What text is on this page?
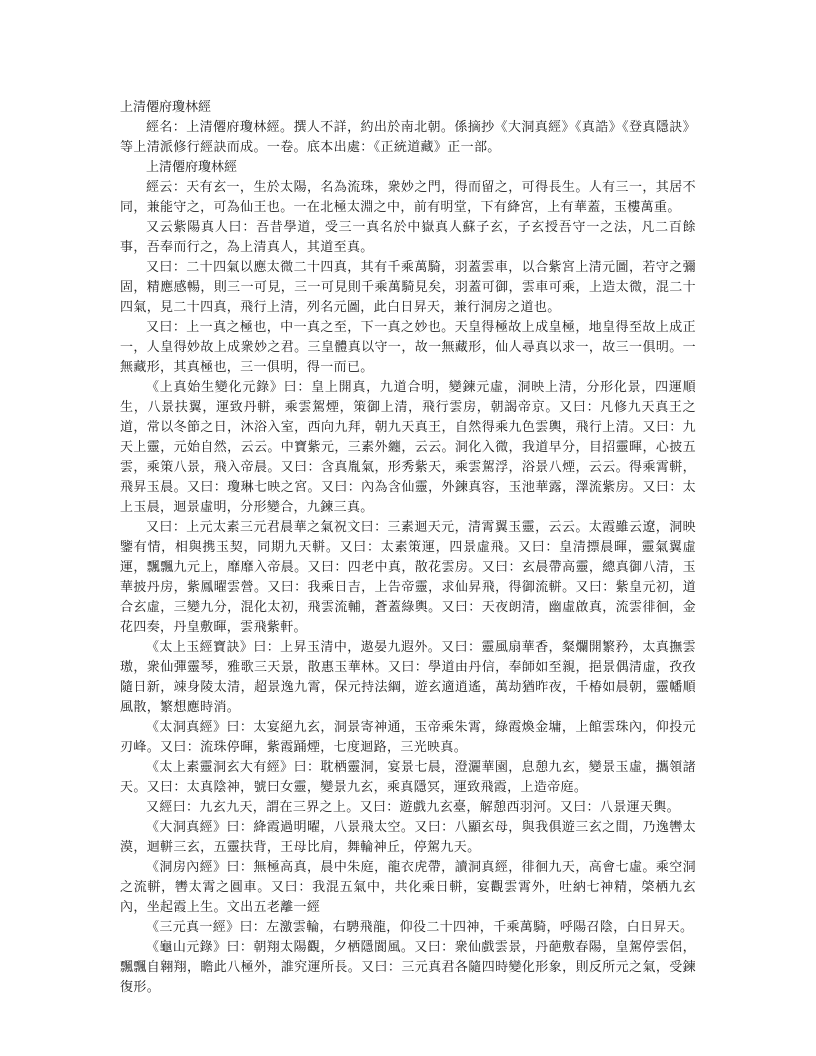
上清僊府瓊林經

經名：上清僊府瓊林經。撰人不詳，約出於南北朝。係摘抄《大洞真經》《真誥》《登真隱訣》等上清派修行經訣而成。一卷。底本出處：《正統道藏》正一部。

上清僊府瓊林經

經云：天有玄一，生於太陽，名為流珠，衆妙之門，得而留之，可得長生。人有三一，其居不同，兼能守之，可為仙王也。一在北極太淵之中，前有明堂，下有絳宮，上有華蓋，玉樓萬重。

又云紫陽真人曰：吾昔學道，受三一真名於中嶽真人蘇子玄，子玄授吾守一之法，凡二百餘事，吾奉而行之，為上清真人，其道至真。

又曰：二十四氣以應太微二十四真，其有千乘萬騎，羽蓋雲車，以合紫宮上清元圖，若守之彌固，精應感暢，則三一可見，三一可見則千乘萬騎見矣，羽蓋可御，雲車可乘，上造太微，混二十四氣，見二十四真，飛行上清，列名元圖，此白日昇天，兼行洞房之道也。

又曰：上一真之極也，中一真之至，下一真之妙也。天皇得極故上成皇極，地皇得至故上成正一，人皇得妙故上成衆妙之君。三皇體真以守一，故一無藏形，仙人尋真以求一，故三一俱明。一無藏形，其真極也，三一俱明，得一而已。

《上真始生變化元錄》曰：皇上開真，九道合明，變鍊元虛，洞映上清，分形化景，四運順生，八景扶翼，運致丹軿，乘雲駕煙，策御上清，飛行雲房，朝謁帝京。又曰：凡修九天真王之道，常以冬節之日，沐浴入室，西向九拜，朝九天真王，自然得乘九色雲輿，飛行上清。又曰：九天上靈，元始自然，云云。中寶紫元，三素外纏，云云。洞化入微，我道早分，目招靈暉，心披五雲，乘策八景，飛入帝晨。又曰：含真胤氣，形秀紫天，乘雲駕浮，浴景八煙，云云。得乘霄軿，飛昇玉晨。又曰：瓊琳七映之宮。又曰：內為含仙靈，外鍊真容，玉池華露，澤流紫房。又曰：太上玉晨，迴景虛明，分形變合，九鍊三真。

又曰：上元太素三元君晨華之氣祝文曰：三素迴天元，清霄翼玉靈，云云。太霞雖云遼，洞映鑒有情，相與携玉契，同期九天軿。又曰：太素策運，四景虛飛。又曰：皇清摽晨暉，靈氣翼虛運，飄飄九元上，靡靡入帝晨。又曰：四老中真，散花雲房。又曰：玄晨帶高靈，總真御八清，玉華披丹房，紫鳳曜雲營。又曰：我乘日吉，上告帝靈，求仙昇飛，得御流軿。又曰：紫皇元初，道合玄虛，三變九分，混化太初，飛雲流輔，蒼蓋綠輿。又曰：天夜朗清，幽虛啟真，流雲徘徊，金花四奏，丹皇敷暉，雲飛紫軒。

《太上玉經寶訣》曰：上昇玉清中，遨晏九遐外。又曰：靈風扇華香，粲爛開繁矜，太真撫雲璈，衆仙彈靈琴，雅歌三天景，散惠玉華林。又曰：學道由丹信，奉師如至親，挹景偶清虛，孜孜隨日新，竦身陵太清，超景逸九霄，保元持法綱，遊玄適逍遙，萬劫猶昨夜，千椿如晨朝，靈幡順風散，繁想應時消。

《太洞真經》曰：太宴絕九玄，洞景寄神通，玉帝乘朱霄，綠霞煥金墉，上館雲珠內，仰投元刃峰。又曰：流珠停暉，紫霞踊煙，七度迴路，三光映真。

《太上素靈洞玄大有經》曰：耽栖靈洞，宴景七晨，澄灑華園，息憩九玄，變景玉虛，攜領諸天。又曰：太真陰神，號曰女靈，變景九玄，乘真隱冥，運致飛霞，上造帝庭。

又經曰：九玄九天，謂在三界之上。又曰：遊戲九玄臺，解憩西羽河。又曰：八景運天輿。

《大洞真經》曰：絳霞過明曜，八景飛太空。又曰：八顯玄母，與我俱遊三玄之間，乃逸轡太漠，迴軿三玄，五靈扶背，王母比肩，舞輪神丘，停駕九天。

《洞房內經》曰：無極高真，晨中朱庭，龍衣虎帶，讀洞真經，徘徊九天，高會七虛。乘空洞之流軿，轡太霄之圓車。又曰：我混五氣中，共化乘日軿，宴觀雲霄外，吐納七神精，棨栖九玄內，坐起霞上生。文出五老離一經

《三元真一經》曰：左激雲輪，右騁飛龍，仰役二十四神，千乘萬騎，呼陽召陰，白日昇天。

《龜山元錄》曰：朝翔太陽觀，夕栖隱閬風。又曰：衆仙戲雲景，丹葩敷春陽，皇駕停雲侶，飄飄自翱翔，瞻此八極外，誰究運所長。又曰：三元真君各隨四時變化形象，則反所元之氣，受鍊復形。
